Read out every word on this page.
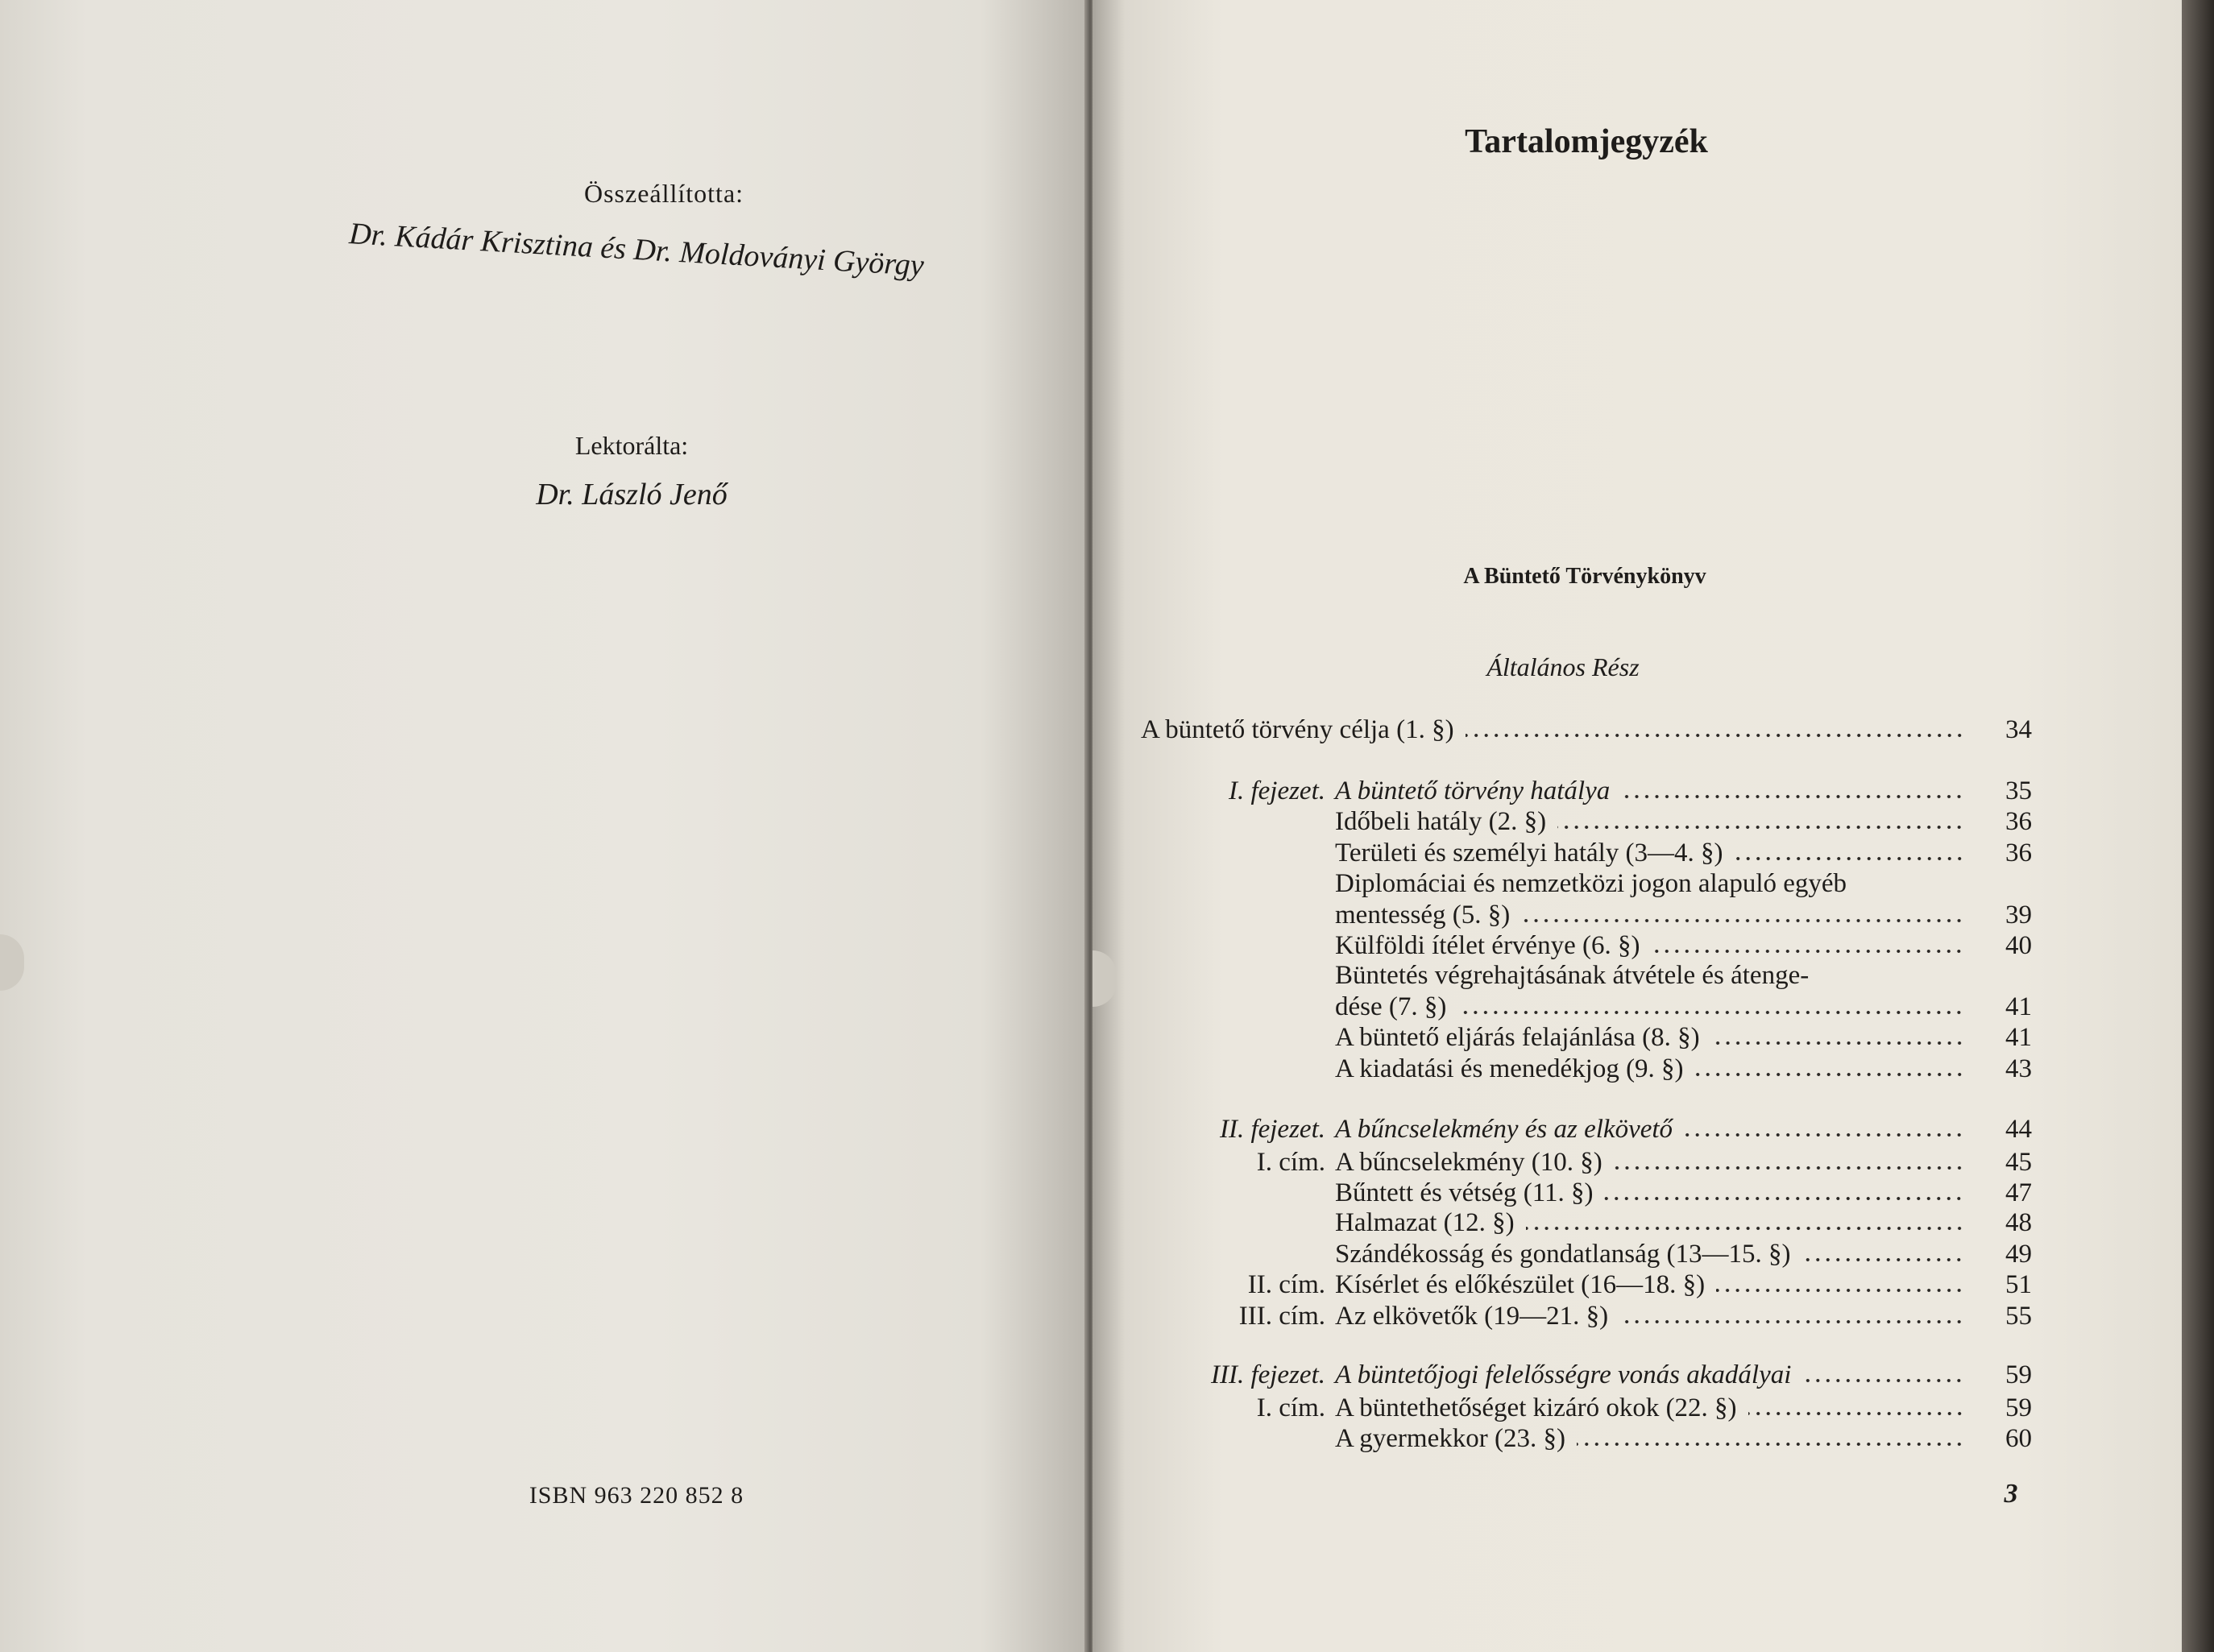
Összeállította:
Dr. Kádár Krisztina és Dr. Moldoványi György
Lektorálta:
Dr. László Jenő
ISBN 963 220 852 8
Tartalomjegyzék
A Büntető Törvénykönyv
Általános Rész
A büntető törvény célja (1. §)	34
I. fejezet. A büntető törvény hatálya	35
Időbeli hatály (2. §)	36
Területi és személyi hatály (3—4. §)	36
Diplomáciai és nemzetközi jogon alapuló egyéb
mentesség (5. §)	39
Külföldi ítélet érvénye (6. §)	40
Büntetés végrehajtásának átvétele és átenge-
dése (7. §)	41
A büntető eljárás felajánlása (8. §)	41
A kiadatási és menedékjog (9. §)	43
II. fejezet. A bűncselekmény és az elkövető	44
I. cím. A bűncselekmény (10. §)	45
Bűntett és vétség (11. §)	47
Halmazat (12. §)	48
Szándékosság és gondatlanság (13—15. §)	49
II. cím. Kísérlet és előkészület (16—18. §)	51
III. cím. Az elkövetők (19—21. §)	55
III. fejezet. A büntetőjogi felelősségre vonás akadályai	59
I. cím. A büntethetőséget kizáró okok (22. §)	59
A gyermekkor (23. §)	60
3
